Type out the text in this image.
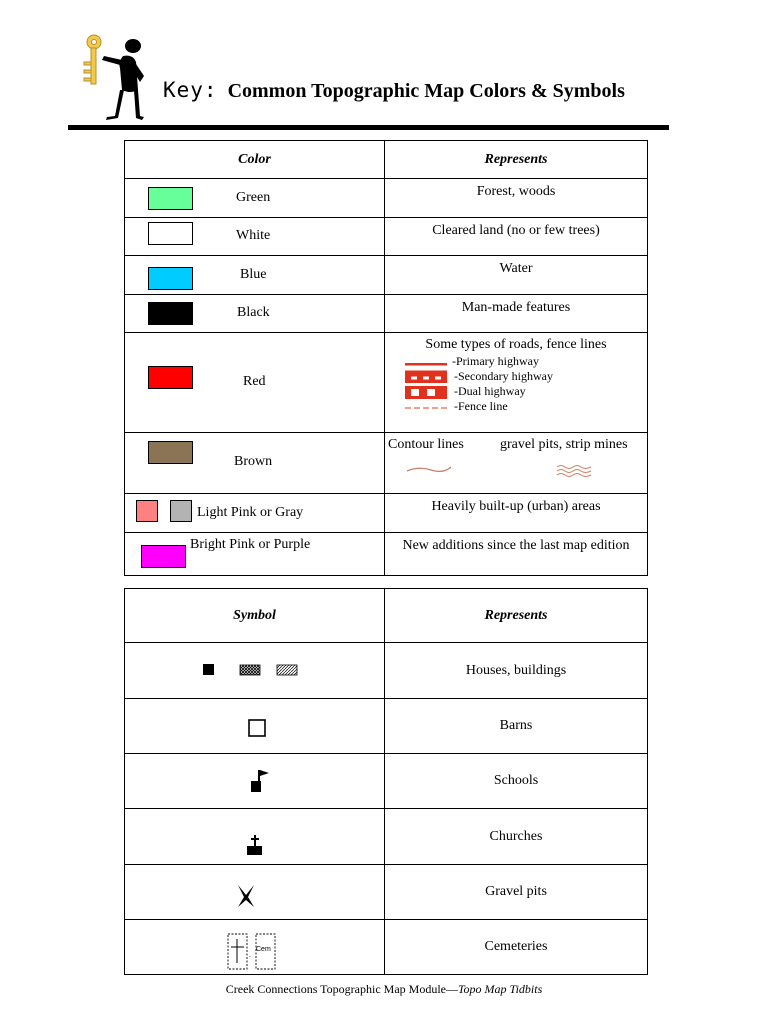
Key: Common Topographic Map Colors & Symbols
Color	Represents

Green	Forest, woods

White	Cleared land (no or few trees)

Blue	Water

Black	Man-made features

Red	Some types of roads, fence lines
-Primary highway
-Secondary highway
-Dual highway
-Fence line

Brown	Contour lines gravel pits, strip mines

Light Pink or Gray	Heavily built-up (urban) areas

Bright Pink or Purple	New additions since the last map edition
Symbol	Represents

	Houses, buildings

	Barns

	Schools

	Churches

	Gravel pits

-
Cem	Cemeteries
Creek Connections Topographic Map Module—Topo Map Tidbits
